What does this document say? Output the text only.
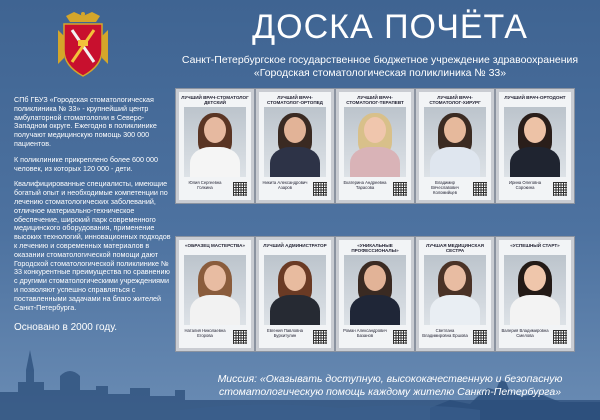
ДОСКА ПОЧЁТА
Санкт-Петербургское государственное бюджетное учреждение здравоохранения
«Городская стоматологическая поликлиника № 33»

СПб ГБУЗ «Городская стоматологическая поликлиника № 33» - крупнейший центр амбулаторной стоматологии в Северо-Западном округе. Ежегодно в поликлинике получают медицинскую помощь 300 000 пациентов.

К поликлинике прикреплено более 600 000 человек, из которых 120 000 - дети.

Квалифицированные специалисты, имеющие богатый опыт и необходимые компетенции по лечению стоматологических заболеваний, отличное материально-техническое обеспечение, широкий парк современного медицинского оборудования, применение высоких технологий, инновационных подходов к лечению и современных материалов в оказании стоматологической помощи дают Городской стоматологической поликлинике № 33 конкурентные преимущества по сравнению с другими стоматологическими учреждениями и позволяют успешно справляться с поставленными задачами на благо жителей Санкт-Петербурга.

Основано в 2000 году.
ЛУЧШИЙ ВРАЧ-СТОМАТОЛОГ ДЕТСКИЙ
Юлия Сергеевна Голкина
ЛУЧШИЙ ВРАЧ-СТОМАТОЛОГ-ОРТОПЕД
Никита Александрович Азаров
ЛУЧШИЙ ВРАЧ-СТОМАТОЛОГ-ТЕРАПЕВТ
Екатерина Андреевна Тарасова
ЛУЧШИЙ ВРАЧ-СТОМАТОЛОГ-ХИРУРГ
Владимир Вячеславович Коломийцев
ЛУЧШИЙ ВРАЧ-ОРТОДОНТ
Ирина Олеговна Сорокина
«ОБРАЗЕЦ МАСТЕРСТВА»
Наталия Николаевна Егорова
ЛУЧШИЙ АДМИНИСТРАТОР
Евгения Павловна Бурхитулин
«УНИКАЛЬНЫЕ ПРОФЕССИОНАЛЫ»
Роман Александрович Базанов
ЛУЧШАЯ МЕДИЦИНСКАЯ СЕСТРА
Светлана Владимировна Ершова
«УСПЕШНЫЙ СТАРТ»
Валерия Владимировна Смелова
Миссия: «Оказывать доступную, высококачественную и безопасную стоматологическую помощь каждому жителю Санкт-Петербурга»
